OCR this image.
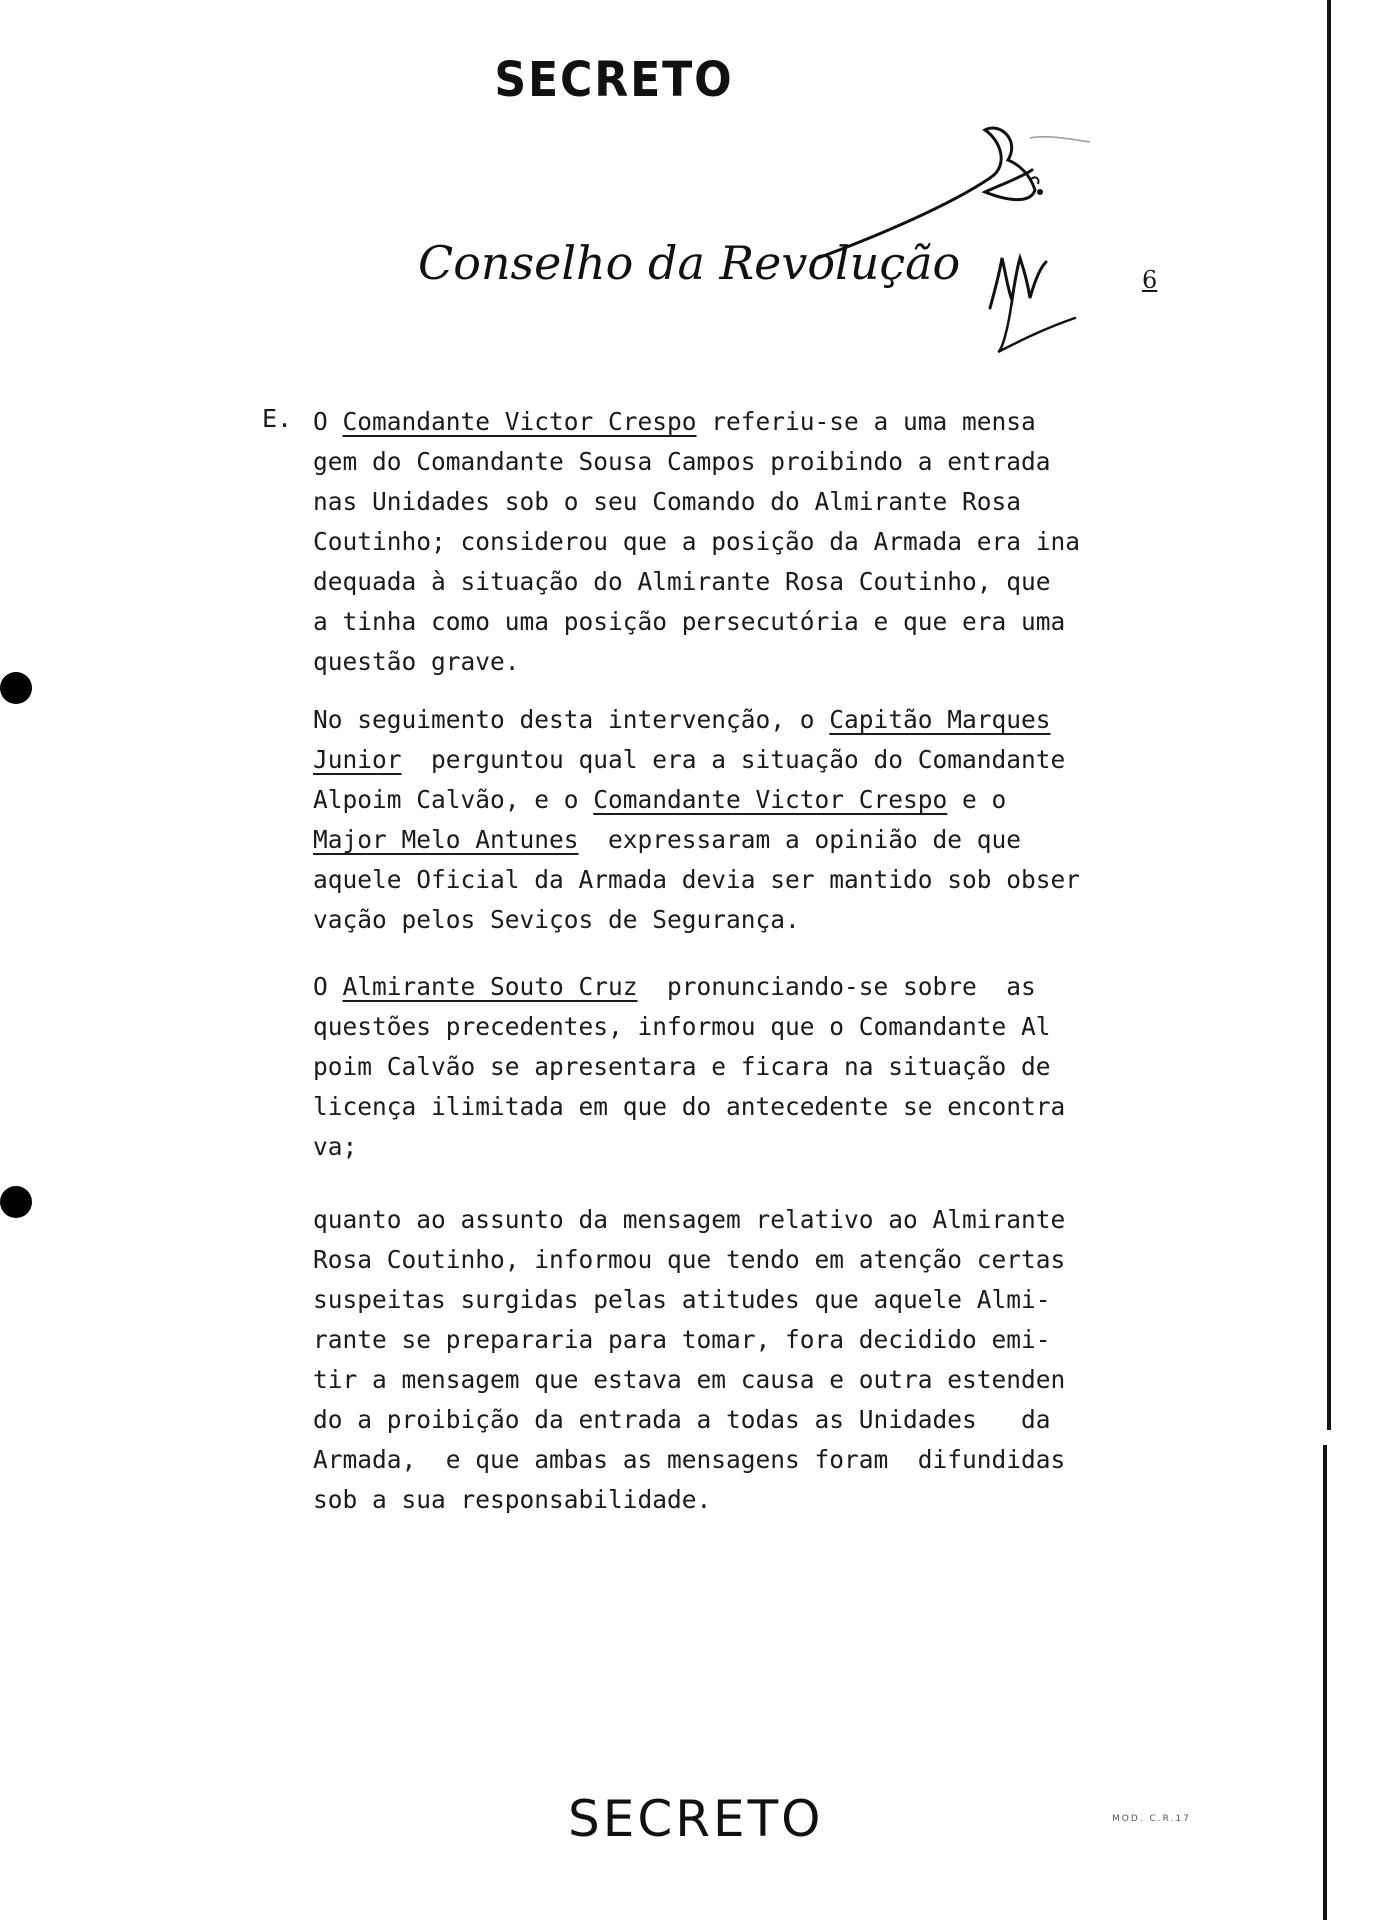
SECRETO
Conselho da Revolução	6
E. O Comandante Victor Crespo referiu-se a uma mensa
gem do Comandante Sousa Campos proibindo a entrada
nas Unidades sob o seu Comando do Almirante Rosa
Coutinho; considerou que a posição da Armada era ina
dequada à situação do Almirante Rosa Coutinho, que
a tinha como uma posição persecutória e que era uma
questão grave.
No seguimento desta intervenção, o Capitão Marques
Junior  perguntou qual era a situação do Comandante
Alpoim Calvão, e o Comandante Victor Crespo e o
Major Melo Antunes  expressaram a opinião de que
aquele Oficial da Armada devia ser mantido sob obser
vação pelos Seviços de Segurança.
O Almirante Souto Cruz  pronunciando-se sobre  as
questões precedentes, informou que o Comandante Al
poim Calvão se apresentara e ficara na situação de
licença ilimitada em que do antecedente se encontra
va;
quanto ao assunto da mensagem relativo ao Almirante
Rosa Coutinho, informou que tendo em atenção certas
suspeitas surgidas pelas atitudes que aquele Almi-
rante se prepararia para tomar, fora decidido emi-
tir a mensagem que estava em causa e outra estenden
do a proibição da entrada a todas as Unidades   da
Armada,  e que ambas as mensagens foram  difundidas
sob a sua responsabilidade.
SECRETO	MOD. C.R.17
